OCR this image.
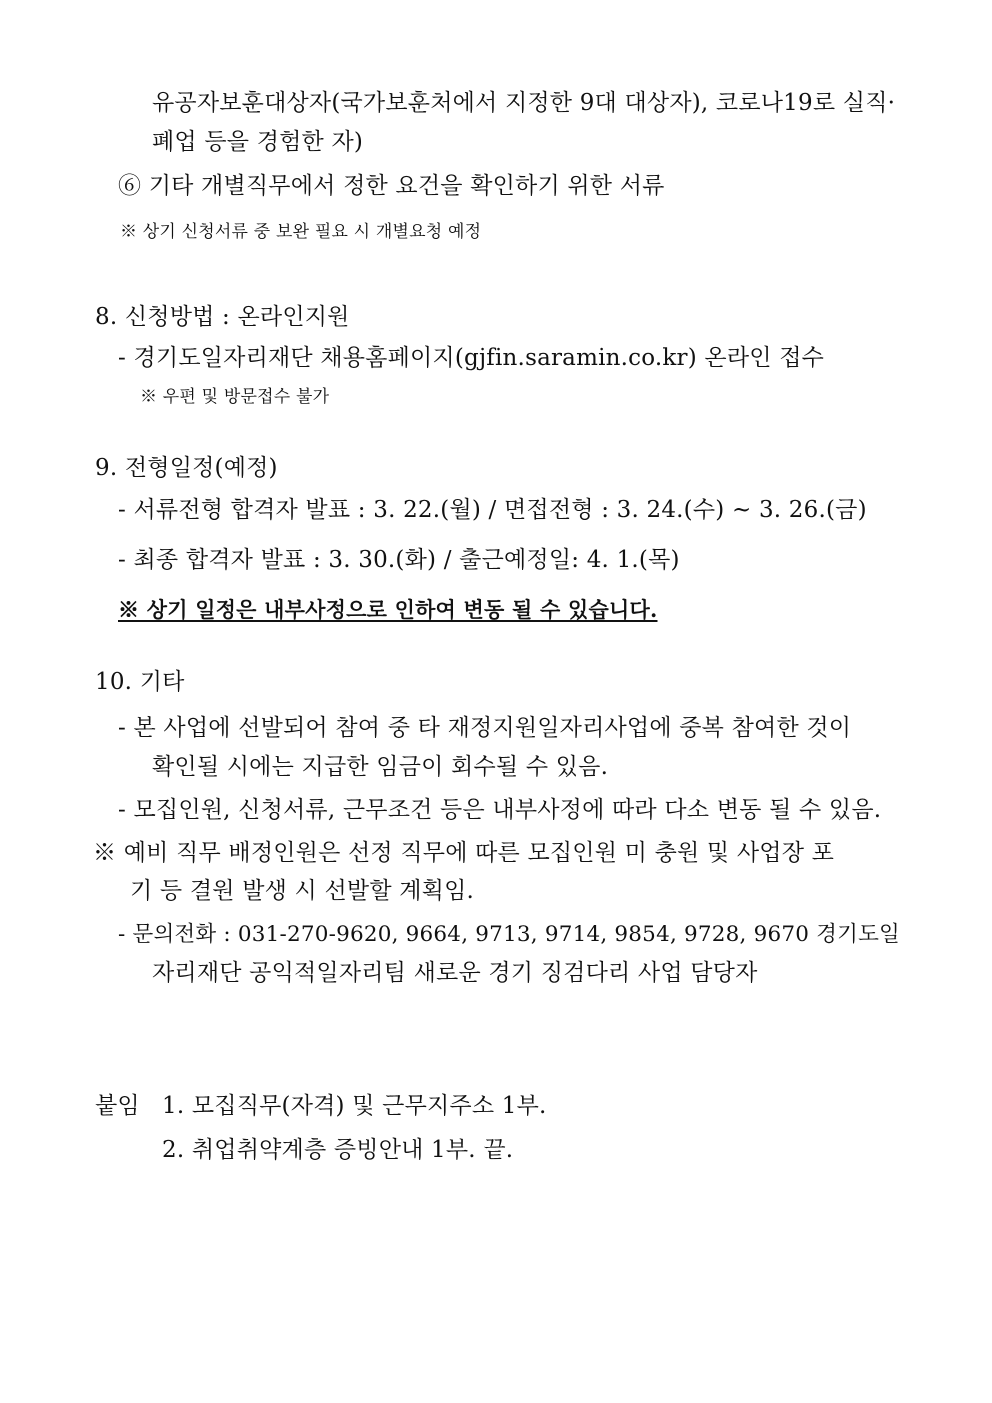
유공자보훈대상자(국가보훈처에서 지정한 9대 대상자), 코로나19로 실직·
폐업 등을 경험한 자)
⑥ 기타 개별직무에서 정한 요건을 확인하기 위한 서류
※ 상기 신청서류 중 보완 필요 시 개별요청 예정
8. 신청방법 : 온라인지원
- 경기도일자리재단 채용홈페이지(gjfin.saramin.co.kr) 온라인 접수
※ 우편 및 방문접수 불가
9. 전형일정(예정)
- 서류전형 합격자 발표 : 3. 22.(월) / 면접전형 : 3. 24.(수) ~ 3. 26.(금)
- 최종 합격자 발표 : 3. 30.(화) / 출근예정일: 4. 1.(목)
※ 상기 일정은 내부사정으로 인하여 변동 될 수 있습니다.
10. 기타
- 본 사업에 선발되어 참여 중 타 재정지원일자리사업에 중복 참여한 것이
확인될 시에는 지급한 임금이 회수될 수 있음.
- 모집인원, 신청서류, 근무조건 등은 내부사정에 따라 다소 변동 될 수 있음.
※ 예비 직무 배정인원은 선정 직무에 따른 모집인원 미 충원 및 사업장 포
기 등 결원 발생 시 선발할 계획임.
- 문의전화 : 031-270-9620, 9664, 9713, 9714, 9854, 9728, 9670 경기도일
자리재단 공익적일자리팀 새로운 경기 징검다리 사업 담당자
붙임 1. 모집직무(자격) 및 근무지주소 1부.
2. 취업취약계층 증빙안내 1부. 끝.
